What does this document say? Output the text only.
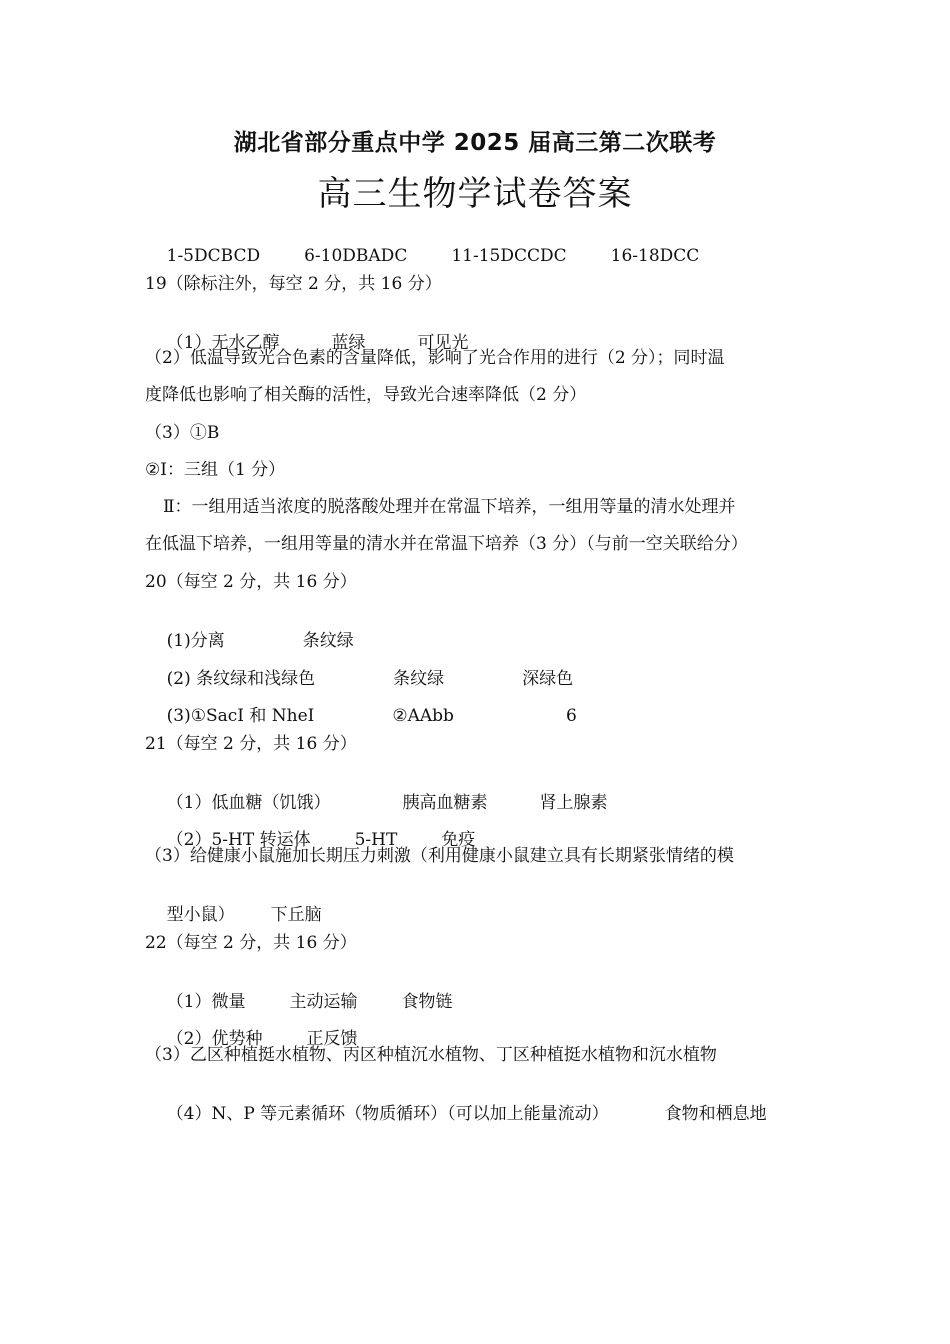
湖北省部分重点中学 2025 届高三第二次联考
高三生物学试卷答案

1-5DCBCD	6-10DBADC	11-15DCCDC	16-18DCC

19（除标注外，每空 2 分，共 16 分）

（1）无水乙醇	蓝绿	可见光

（2）低温导致光合色素的含量降低，影响了光合作用的进行（2 分）；同时温
度降低也影响了相关酶的活性，导致光合速率降低（2 分）
（3）①B
②Ⅰ：三组（1 分）
Ⅱ：一组用适当浓度的脱落酸处理并在常温下培养，一组用等量的清水处理并
在低温下培养，一组用等量的清水并在常温下培养（3 分）（与前一空关联给分）
20（每空 2 分，共 16 分）

(1)分离	条纹绿

(2) 条纹绿和浅绿色	条纹绿	深绿色

(3)①SacI 和 NheI	②AAbb	6

21（每空 2 分，共 16 分）

（1）低血糖（饥饿）	胰高血糖素	肾上腺素

（2）5-HT 转运体	5-HT	免疫

（3）给健康小鼠施加长期压力刺激（利用健康小鼠建立具有长期紧张情绪的模

型小鼠） 下丘脑

22（每空 2 分，共 16 分）

（1）微量	主动运输	食物链

（2）优势种	正反馈

（3）乙区种植挺水植物、丙区种植沉水植物、丁区种植挺水植物和沉水植物

（4）N、P 等元素循环（物质循环）（可以加上能量流动）	食物和栖息地
